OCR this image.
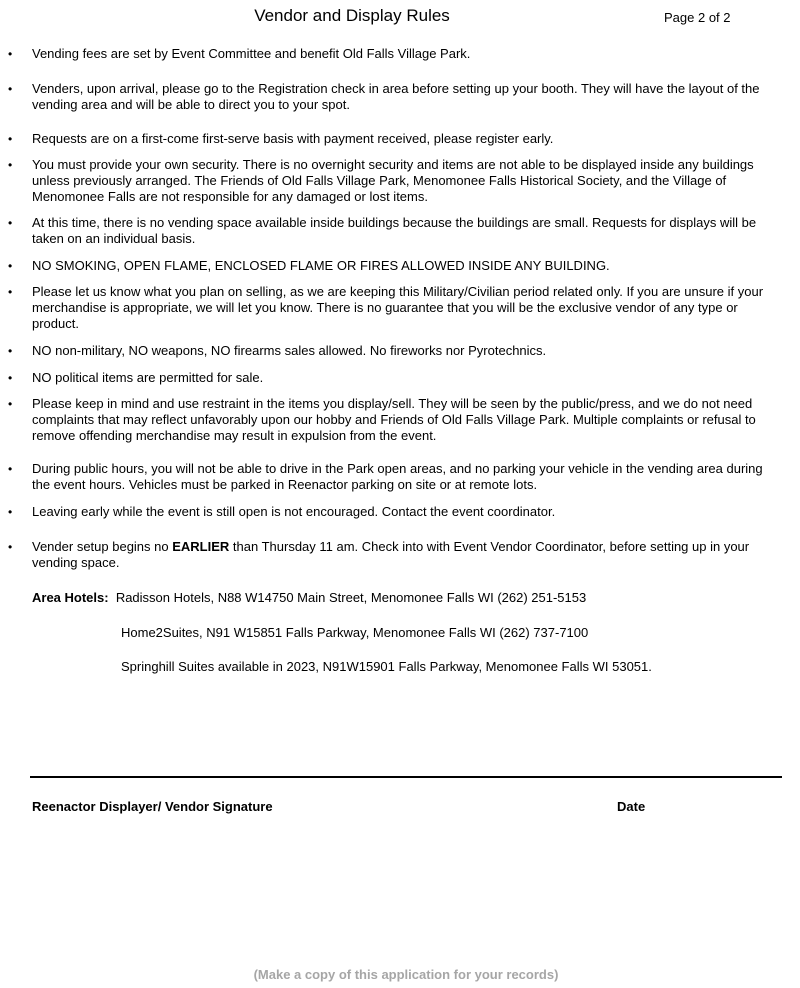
Vendor and Display Rules	Page 2 of 2
• Vending fees are set by Event Committee and benefit Old Falls Village Park.
• Venders, upon arrival, please go to the Registration check in area before setting up your booth. They will have the layout of the vending area and will be able to direct you to your spot.
• Requests are on a first-come first-serve basis with payment received, please register early.
• You must provide your own security. There is no overnight security and items are not able to be displayed inside any buildings unless previously arranged. The Friends of Old Falls Village Park, Menomonee Falls Historical Society, and the Village of Menomonee Falls are not responsible for any damaged or lost items.
• At this time, there is no vending space available inside buildings because the buildings are small. Requests for displays will be taken on an individual basis.
• NO SMOKING, OPEN FLAME, ENCLOSED FLAME OR FIRES ALLOWED INSIDE ANY BUILDING.
• Please let us know what you plan on selling, as we are keeping this Military/Civilian period related only. If you are unsure if your merchandise is appropriate, we will let you know. There is no guarantee that you will be the exclusive vendor of any type or product.
• NO non-military, NO weapons, NO firearms sales allowed. No fireworks nor Pyrotechnics.
• NO political items are permitted for sale.
• Please keep in mind and use restraint in the items you display/sell. They will be seen by the public/press, and we do not need complaints that may reflect unfavorably upon our hobby and Friends of Old Falls Village Park. Multiple complaints or refusal to remove offending merchandise may result in expulsion from the event.
• During public hours, you will not be able to drive in the Park open areas, and no parking your vehicle in the vending area during the event hours. Vehicles must be parked in Reenactor parking on site or at remote lots.
• Leaving early while the event is still open is not encouraged. Contact the event coordinator.
• Vender setup begins no EARLIER than Thursday 11 am. Check into with Event Vendor Coordinator, before setting up in your vending space.
Area Hotels: Radisson Hotels, N88 W14750 Main Street, Menomonee Falls WI (262) 251-5153
Home2Suites, N91 W15851 Falls Parkway, Menomonee Falls WI (262) 737-7100
Springhill Suites available in 2023, N91W15901 Falls Parkway, Menomonee Falls WI 53051.
Reenactor Displayer/ Vendor Signature	Date
(Make a copy of this application for your records)
